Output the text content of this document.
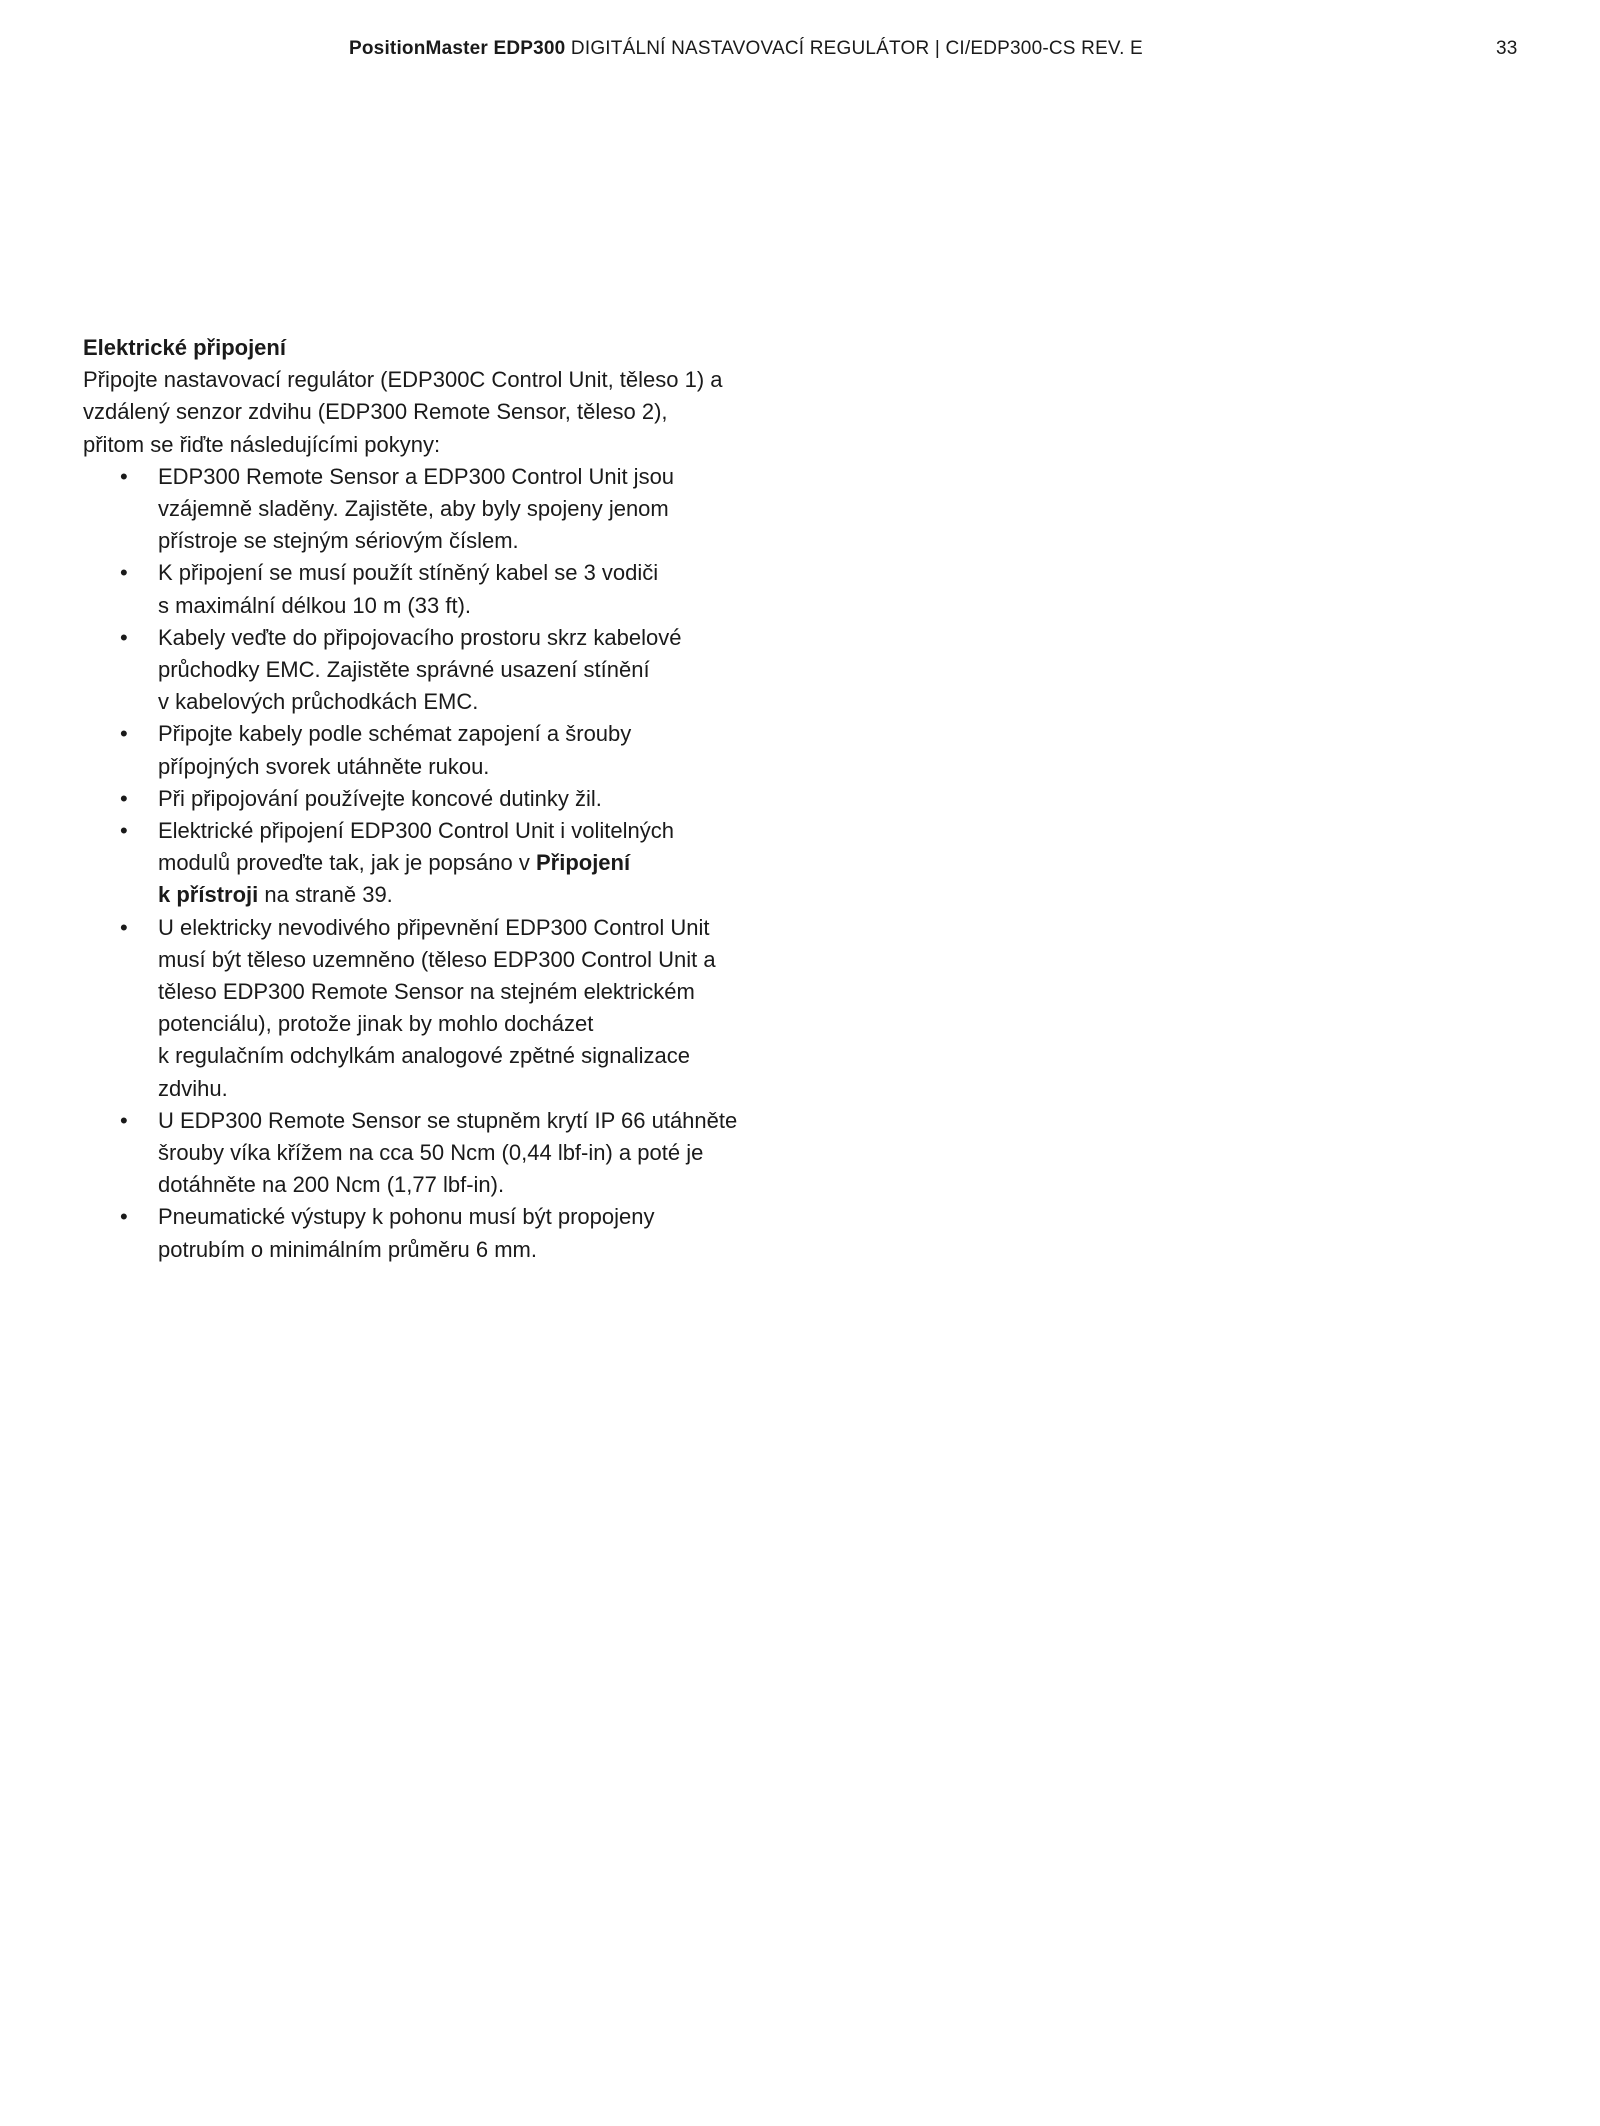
PositionMaster EDP300 DIGITÁLNÍ NASTAVOVACÍ REGULÁTOR | CI/EDP300-CS REV. E	33
Elektrické připojení

Připojte nastavovací regulátor (EDP300C Control Unit, těleso 1) a
vzdálený senzor zdvihu (EDP300 Remote Sensor, těleso 2),
přitom se řiďte následujícími pokyny:

• EDP300 Remote Sensor a EDP300 Control Unit jsou
vzájemně sladěny. Zajistěte, aby byly spojeny jenom
přístroje se stejným sériovým číslem.
• K připojení se musí použít stíněný kabel se 3 vodiči
s maximální délkou 10 m (33 ft).
• Kabely veďte do připojovacího prostoru skrz kabelové
průchodky EMC. Zajistěte správné usazení stínění
v kabelových průchodkách EMC.
• Připojte kabely podle schémat zapojení a šrouby
přípojných svorek utáhněte rukou.
• Při připojování používejte koncové dutinky žil.
• Elektrické připojení EDP300 Control Unit i volitelných
modulů proveďte tak, jak je popsáno v Připojení
k přístroji na straně 39.
• U elektricky nevodivého připevnění EDP300 Control Unit
musí být těleso uzemněno (těleso EDP300 Control Unit a
těleso EDP300 Remote Sensor na stejném elektrickém
potenciálu), protože jinak by mohlo docházet
k regulačním odchylkám analogové zpětné signalizace
zdvihu.
• U EDP300 Remote Sensor se stupněm krytí IP 66 utáhněte
šrouby víka křížem na cca 50 Ncm (0,44 lbf-in) a poté je
dotáhněte na 200 Ncm (1,77 lbf-in).
• Pneumatické výstupy k pohonu musí být propojeny
potrubím o minimálním průměru 6 mm.
